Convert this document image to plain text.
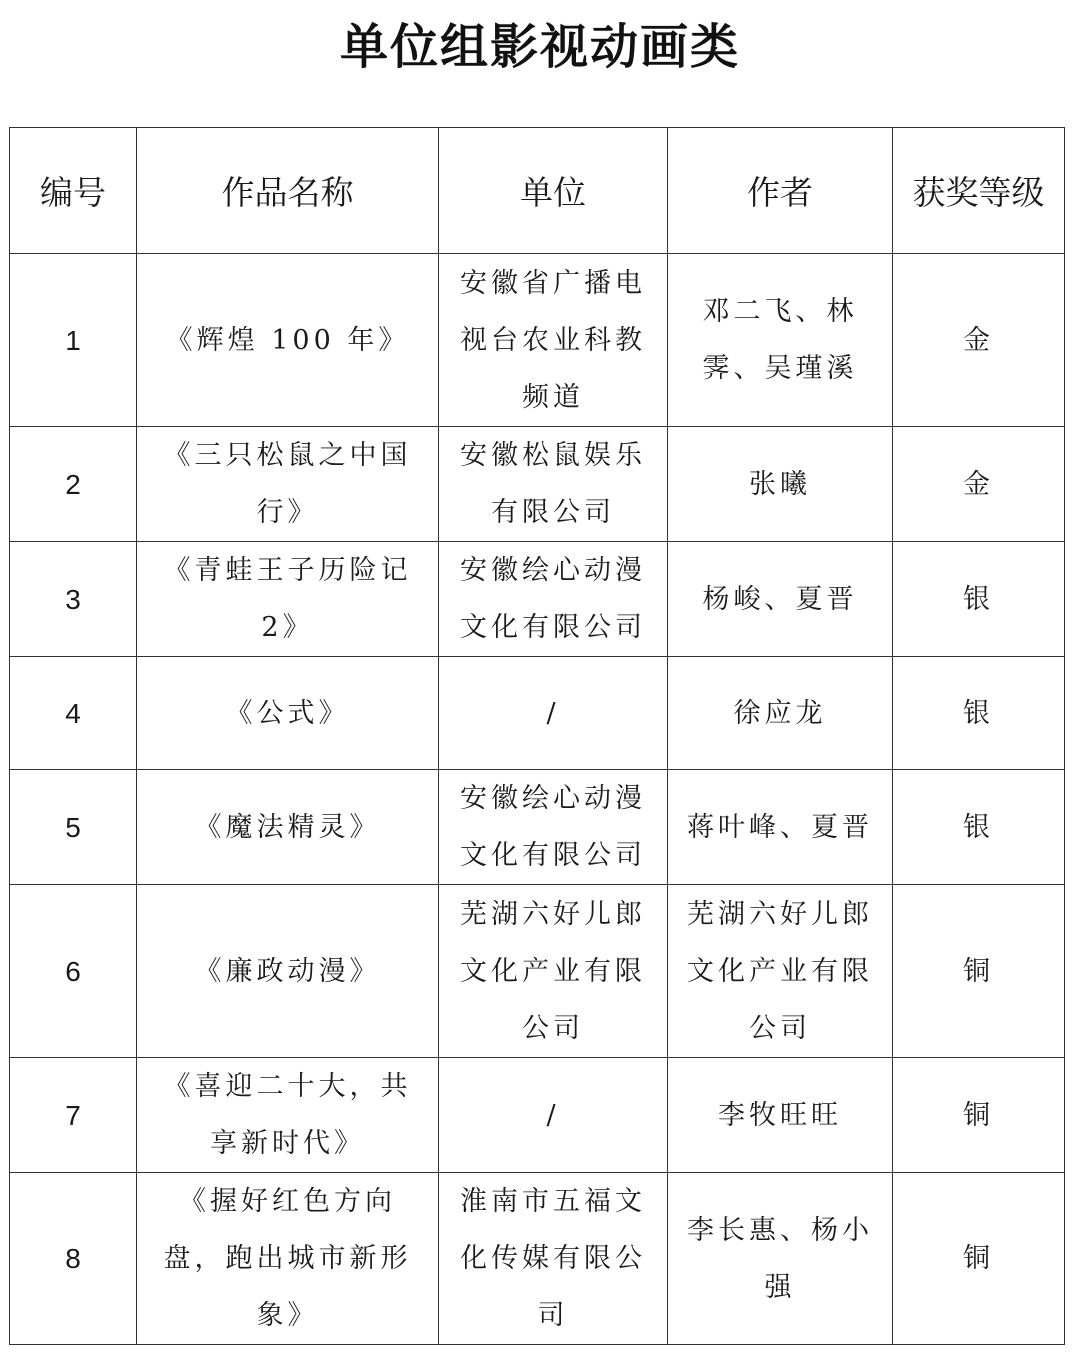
单位组影视动画类
编号	作品名称	单位	作者	获奖等级
1	《辉煌 100 年》	安徽省广播电视台农业科教频道	邓二飞、林霁、吴瑾溪	金
2	《三只松鼠之中国行》	安徽松鼠娱乐有限公司	张曦	金
3	《青蛙王子历险记2》	安徽绘心动漫文化有限公司	杨峻、夏晋	银
4	《公式》	/	徐应龙	银
5	《魔法精灵》	安徽绘心动漫文化有限公司	蒋叶峰、夏晋	银
6	《廉政动漫》	芜湖六好儿郎文化产业有限公司	芜湖六好儿郎文化产业有限公司	铜
7	《喜迎二十大，共享新时代》	/	李牧旺旺	铜
8	《握好红色方向盘，跑出城市新形象》	淮南市五福文化传媒有限公司	李长惠、杨小强	铜
